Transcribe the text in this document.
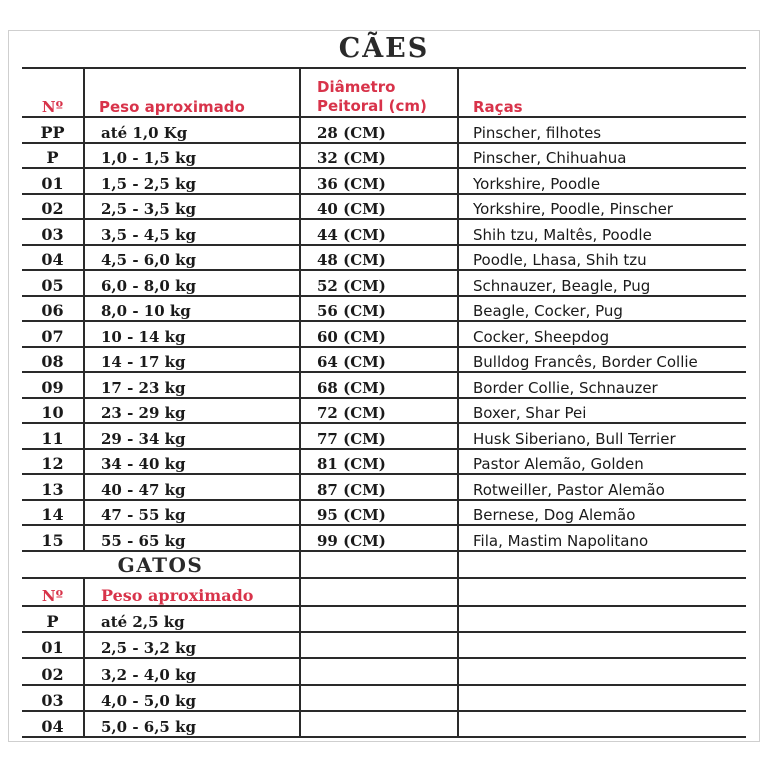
CÃES
Nº	Peso aproximado	Diâmetro Peitoral (cm)	Raças
PP	até 1,0 Kg	28 (CM)	Pinscher, filhotes
P	1,0 - 1,5 kg	32 (CM)	Pinscher, Chihuahua
01	1,5 - 2,5 kg	36 (CM)	Yorkshire, Poodle
02	2,5 - 3,5 kg	40 (CM)	Yorkshire, Poodle, Pinscher
03	3,5 - 4,5 kg	44 (CM)	Shih tzu, Maltês, Poodle
04	4,5 - 6,0 kg	48 (CM)	Poodle, Lhasa, Shih tzu
05	6,0 - 8,0 kg	52 (CM)	Schnauzer, Beagle, Pug
06	8,0 - 10 kg	56 (CM)	Beagle, Cocker, Pug
07	10 - 14 kg	60 (CM)	Cocker, Sheepdog
08	14 - 17 kg	64 (CM)	Bulldog Francês, Border Collie
09	17 - 23 kg	68 (CM)	Border Collie, Schnauzer
10	23 - 29 kg	72 (CM)	Boxer, Shar Pei
11	29 - 34 kg	77 (CM)	Husk Siberiano, Bull Terrier
12	34 - 40 kg	81 (CM)	Pastor Alemão, Golden
13	40 - 47 kg	87 (CM)	Rotweiller, Pastor Alemão
14	47 - 55 kg	95 (CM)	Bernese, Dog Alemão
15	55 - 65 kg	99 (CM)	Fila, Mastim Napolitano
GATOS			
Nº	Peso aproximado		
P	até 2,5 kg		
01	2,5 - 3,2 kg		
02	3,2 - 4,0 kg		
03	4,0 - 5,0 kg		
04	5,0 - 6,5 kg		
